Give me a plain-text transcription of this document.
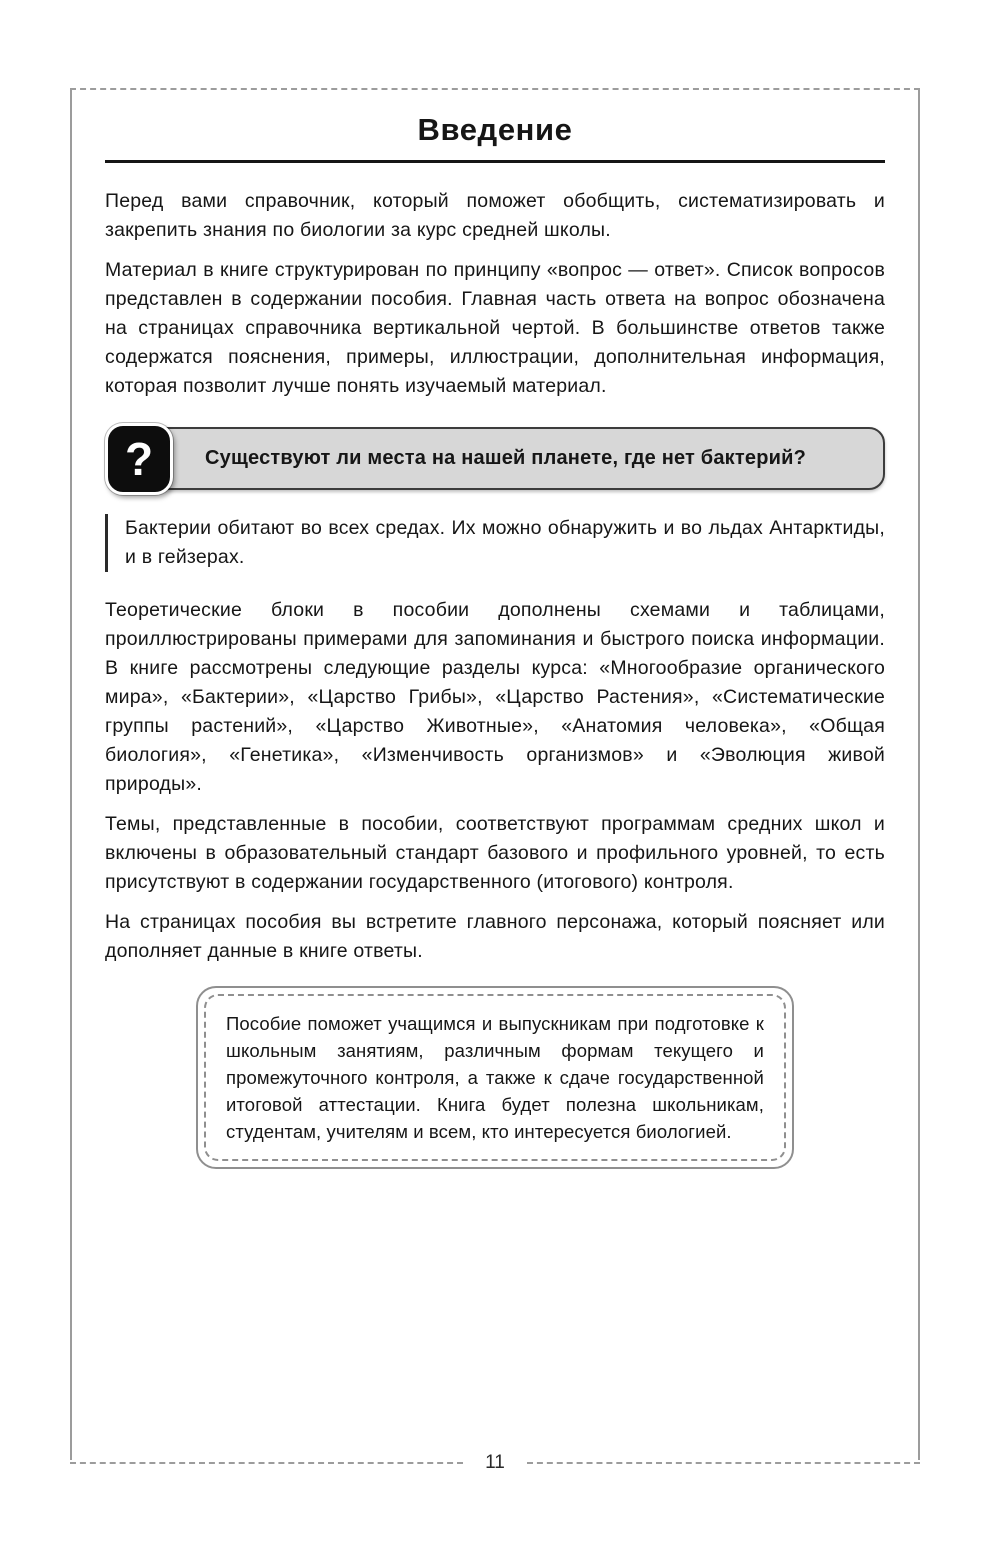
Введение

Перед вами справочник, который поможет обобщить, систематизировать и закрепить знания по биологии за курс средней школы.

Материал в книге структурирован по принципу «вопрос — ответ». Список вопросов представлен в содержании пособия. Главная часть ответа на вопрос обозначена на страницах справочника вертикальной чертой. В большинстве ответов также содержатся пояснения, примеры, иллюстрации, дополнительная информация, которая позволит лучше понять изучаемый материал.

?	Существуют ли места на нашей планете, где нет бактерий?

Бактерии обитают во всех средах. Их можно обнаружить и во льдах Антарктиды, и в гейзерах.

Теоретические блоки в пособии дополнены схемами и таблицами, проиллюстрированы примерами для запоминания и быстрого поиска информации. В книге рассмотрены следующие разделы курса: «Многообразие органического мира», «Бактерии», «Царство Грибы», «Царство Растения», «Систематические группы растений», «Царство Животные», «Анатомия человека», «Общая биология», «Генетика», «Изменчивость организмов» и «Эволюция живой природы».

Темы, представленные в пособии, соответствуют программам средних школ и включены в образовательный стандарт базового и профильного уровней, то есть присутствуют в содержании государственного (итогового) контроля.

На страницах пособия вы встретите главного персонажа, который поясняет или дополняет данные в книге ответы.

Пособие поможет учащимся и выпускникам при подготовке к школьным занятиям, различным формам текущего и промежуточного контроля, а также к сдаче государственной итоговой аттестации. Книга будет полезна школьникам, студентам, учителям и всем, кто интересуется биологией.

11
